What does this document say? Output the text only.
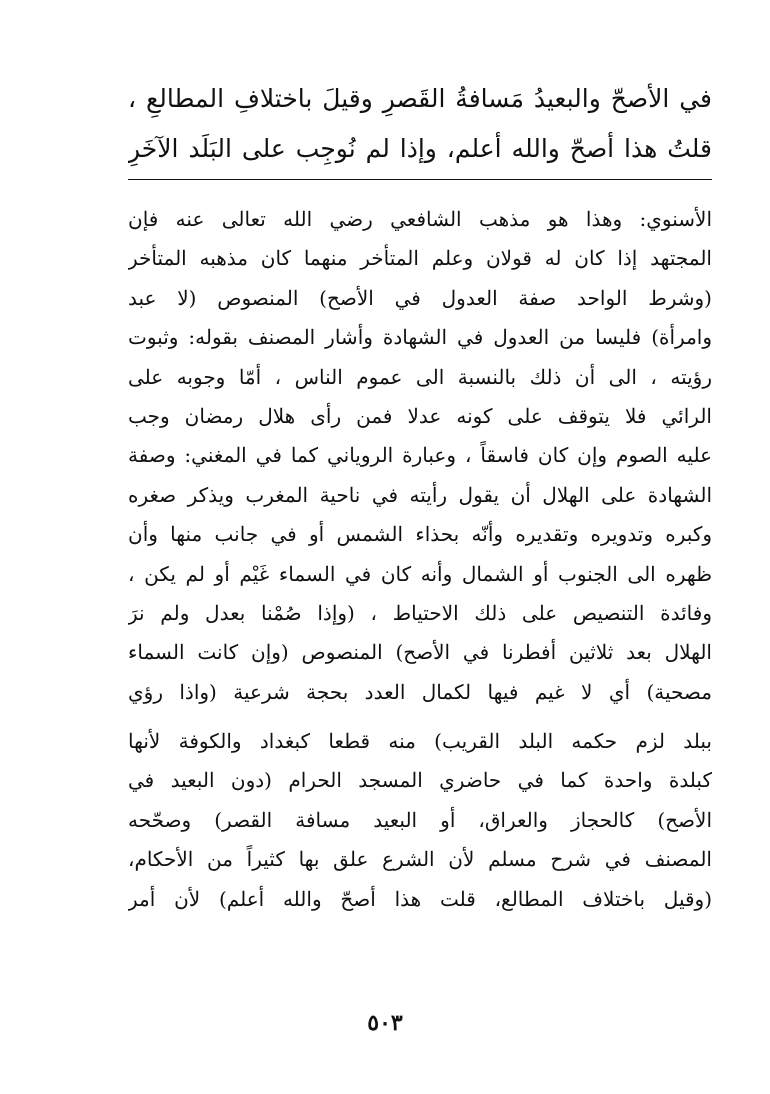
في الأصحّ والبعيدُ مَسافةُ القَصرِ وقيلَ باختلافِ المطالعِ ،
قلتُ هذا أصحّ والله أعلم، وإذا لم نُوجِب على البَلَد الآخَرِ
الأسنوي: وهذا هو مذهب الشافعي رضي الله تعالى عنه فإن
المجتهد إذا كان له قولان وعلم المتأخر منهما كان مذهبه المتأخر
(وشرط الواحد صفة العدول في الأصح) المنصوص (لا عبد
وامرأة) فليسا من العدول في الشهادة وأشار المصنف بقوله: وثبوت
رؤيته ، الى أن ذلك بالنسبة الى عموم الناس ، أمّا وجوبه على
الرائي فلا يتوقف على كونه عدلا فمن رأى هلال رمضان وجب
عليه الصوم وإن كان فاسقاً ، وعبارة الروياني كما في المغني: وصفة
الشهادة على الهلال أن يقول رأيته في ناحية المغرب ويذكر صغره
وكبره وتدويره وتقديره وأنّه بحذاء الشمس أو في جانب منها وأن
ظهره الى الجنوب أو الشمال وأنه كان في السماء غَيْم أو لم يكن ،
وفائدة التنصيص على ذلك الاحتياط ، (وإذا صُمْنا بعدل ولم نرَ
الهلال بعد ثلاثين أفطرنا في الأصح) المنصوص (وإن كانت السماء
مصحية) أي لا غيم فيها لكمال العدد بحجة شرعية (واذا رؤي
ببلد لزم حكمه البلد القريب) منه قطعا كبغداد والكوفة لأنها
كبلدة واحدة كما في حاضري المسجد الحرام (دون البعيد في
الأصح) كالحجاز والعراق، أو البعيد مسافة القصر) وصحّحه
المصنف في شرح مسلم لأن الشرع علق بها كثيراً من الأحكام،
(وقيل باختلاف المطالع، قلت هذا أصحّ والله أعلم) لأن أمر
٥٠٣
